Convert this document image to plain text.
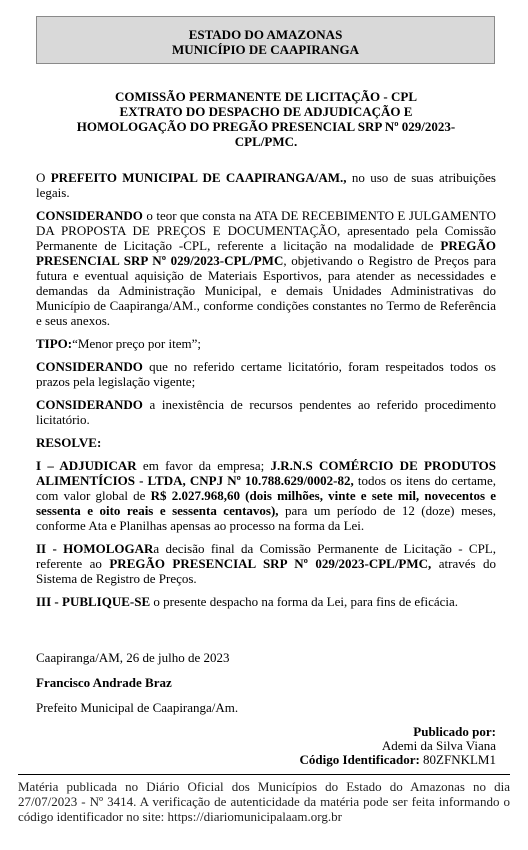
ESTADO DO AMAZONAS
MUNICÍPIO DE CAAPIRANGA
COMISSÃO PERMANENTE DE LICITAÇÃO - CPL
EXTRATO DO DESPACHO DE ADJUDICAÇÃO E
HOMOLOGAÇÃO DO PREGÃO PRESENCIAL SRP Nº 029/2023-
CPL/PMC.

O PREFEITO MUNICIPAL DE CAAPIRANGA/AM., no uso de suas atribuições legais.

CONSIDERANDO o teor que consta na ATA DE RECEBIMENTO E JULGAMENTO DA PROPOSTA DE PREÇOS E DOCUMENTAÇÃO, apresentado pela Comissão Permanente de Licitação -CPL, referente a licitação na modalidade de PREGÃO PRESENCIAL SRP Nº 029/2023-CPL/PMC, objetivando o Registro de Preços para futura e eventual aquisição de Materiais Esportivos, para atender as necessidades e demandas da Administração Municipal, e demais Unidades Administrativas do Município de Caapiranga/AM., conforme condições constantes no Termo de Referência e seus anexos.

TIPO:“Menor preço por item”;

CONSIDERANDO que no referido certame licitatório, foram respeitados todos os prazos pela legislação vigente;

CONSIDERANDO a inexistência de recursos pendentes ao referido procedimento licitatório.

RESOLVE:

I – ADJUDICAR em favor da empresa; J.R.N.S COMÉRCIO DE PRODUTOS ALIMENTÍCIOS - LTDA, CNPJ Nº 10.788.629/0002-82, todos os itens do certame, com valor global de R$ 2.027.968,60 (dois milhões, vinte e sete mil, novecentos e sessenta e oito reais e sessenta centavos), para um período de 12 (doze) meses, conforme Ata e Planilhas apensas ao processo na forma da Lei.

II - HOMOLOGARa decisão final da Comissão Permanente de Licitação - CPL, referente ao PREGÃO PRESENCIAL SRP Nº 029/2023-CPL/PMC, através do Sistema de Registro de Preços.

III - PUBLIQUE-SE o presente despacho na forma da Lei, para fins de eficácia.

Caapiranga/AM, 26 de julho de 2023
Francisco Andrade Braz
Prefeito Municipal de Caapiranga/Am.
Publicado por:
Ademi da Silva Viana
Código Identificador: 80ZFNKLM1
Matéria publicada no Diário Oficial dos Municípios do Estado do Amazonas no dia 27/07/2023 - Nº 3414. A verificação de autenticidade da matéria pode ser feita informando o código identificador no site: https://diariomunicipalaam.org.br
